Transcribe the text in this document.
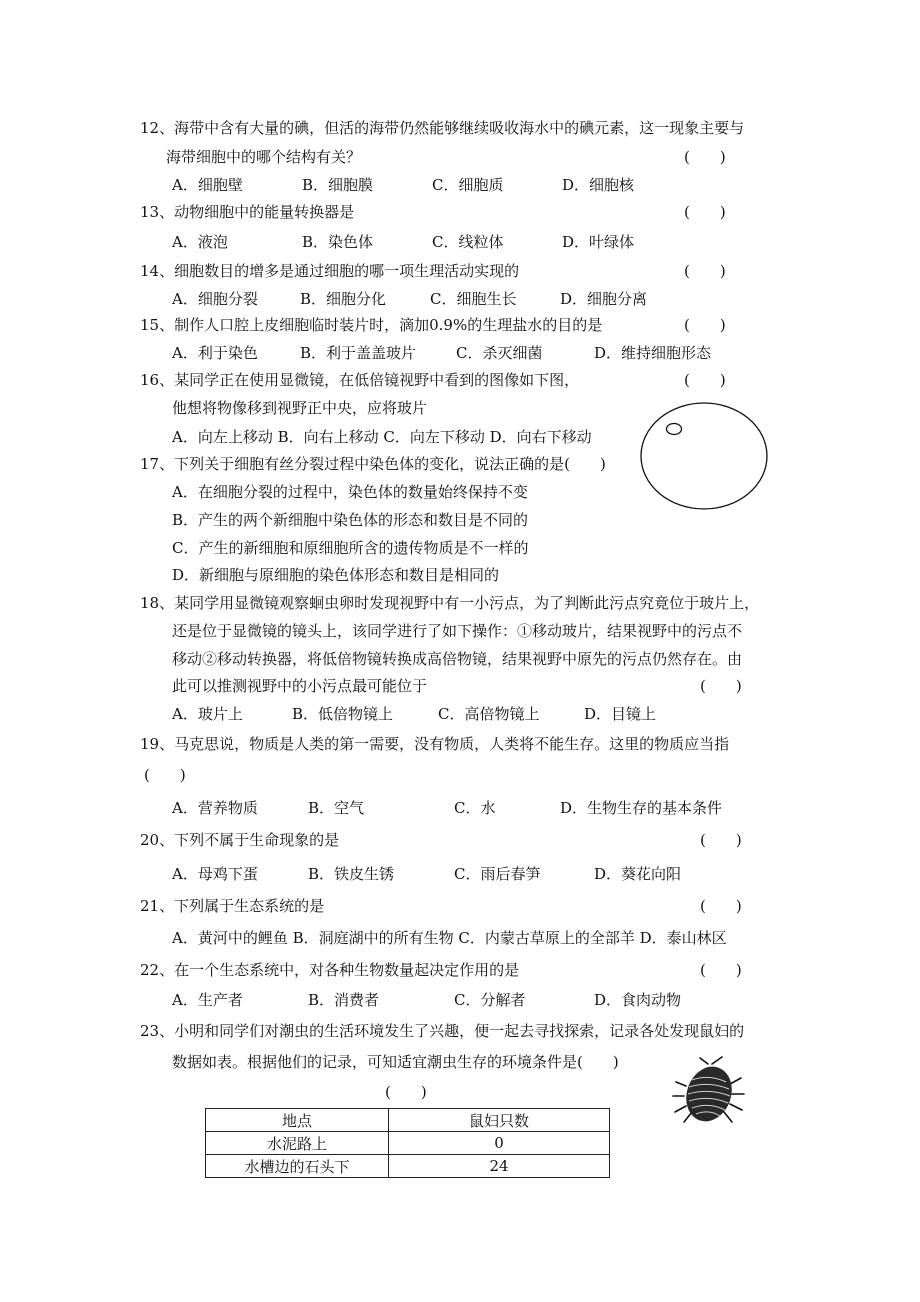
12、海带中含有大量的碘，但活的海带仍然能够继续吸收海水中的碘元素，这一现象主要与
海带细胞中的哪个结构有关？	(　　)
A．细胞壁	B．细胞膜	C．细胞质	D．细胞核
13、动物细胞中的能量转换器是	(　　)
A．液泡	B．染色体	C．线粒体	D．叶绿体
14、细胞数目的增多是通过细胞的哪一项生理活动实现的	(　　)
A．细胞分裂	B．细胞分化	C．细胞生长	D．细胞分离
15、制作人口腔上皮细胞临时装片时，滴加0.9%的生理盐水的目的是	(　　)
A．利于染色	B．利于盖盖玻片	C．杀灭细菌	D．维持细胞形态
16、某同学正在使用显微镜，在低倍镜视野中看到的图像如下图，	(　　)
他想将物像移到视野正中央，应将玻片
A．向左上移动 B．向右上移动 C．向左下移动 D．向右下移动
17、下列关于细胞有丝分裂过程中染色体的变化，说法正确的是(　　)
A．在细胞分裂的过程中，染色体的数量始终保持不变
B．产生的两个新细胞中染色体的形态和数目是不同的
C．产生的新细胞和原细胞所含的遗传物质是不一样的
D．新细胞与原细胞的染色体形态和数目是相同的
18、某同学用显微镜观察蛔虫卵时发现视野中有一小污点，为了判断此污点究竟位于玻片上，
还是位于显微镜的镜头上，该同学进行了如下操作：①移动玻片，结果视野中的污点不
移动②移动转换器，将低倍物镜转换成高倍物镜，结果视野中原先的污点仍然存在。由
此可以推测视野中的小污点最可能位于	(　　)
A．玻片上	B．低倍物镜上	C．高倍物镜上	D．目镜上
19、马克思说，物质是人类的第一需要，没有物质，人类将不能生存。这里的物质应当指
(　　)
A．营养物质	B．空气	C．水	D．生物生存的基本条件
20、下列不属于生命现象的是	(　　)
A．母鸡下蛋	B．铁皮生锈	C．雨后春笋	D．葵花向阳
21、下列属于生态系统的是	(　　)
A．黄河中的鲤鱼 B．洞庭湖中的所有生物 C．内蒙古草原上的全部羊 D．泰山林区
22、在一个生态系统中，对各种生物数量起决定作用的是	(　　)
A．生产者	B．消费者	C．分解者	D．食肉动物
23、小明和同学们对潮虫的生活环境发生了兴趣，便一起去寻找探索，记录各处发现鼠妇的
数据如表。根据他们的记录，可知适宜潮虫生存的环境条件是(　　)
(　　)
地点	鼠妇只数
水泥路上	0
水槽边的石头下	24
